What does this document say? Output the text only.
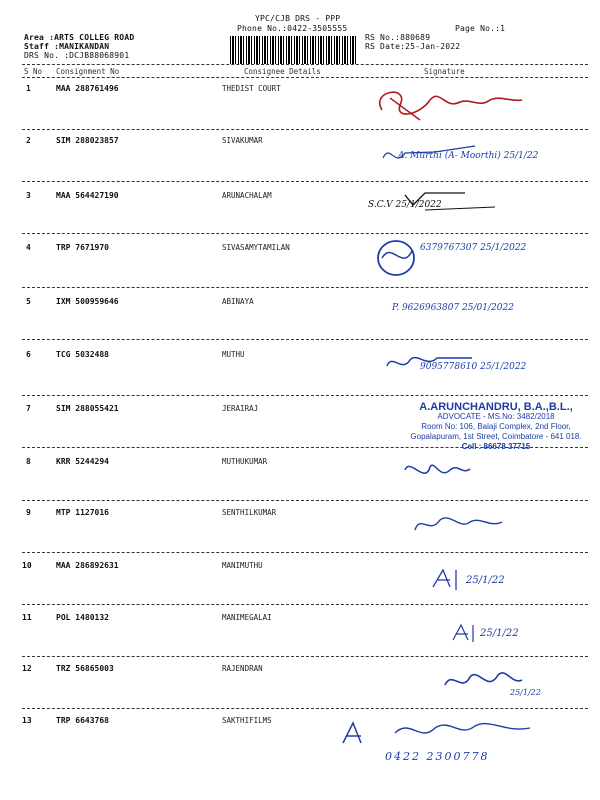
YPC/CJB DRS - PPP
Phone No.:0422-3505555	Page No.:1
Area :ARTS COLLEG ROAD
Staff :MANIKANDAN
DRS No. :DCJB88068901
RS No.:880689
RS Date:25-Jan-2022
S No Consignment No	Consignee Details	Signature
1	MAA 288761496	THEDIST COURT
2	SIM 288023857	SIVAKUMAR
3	MAA 564427190	ARUNACHALAM
4	TRP 7671970	SIVASAMYTAMILAN
5	IXM 500959646	ABINAYA
6	TCG 5032488	MUTHU
7	SIM 288055421	JERAIRAJ
8	KRR 5244294	MUTHUKUMAR
9	MTP 1127016	SENTHILKUMAR
10	MAA 286892631	MANIMUTHU
11	POL 1480132	MANIMEGALAI
12	TRZ 56865003	RAJENDRAN
13	TRP 6643768	SAKTHIFILMS
A. Murthi (A- Moorthi) 25/1/22
S.C.V 25/1/2022
6379767307 25/1/2022
P. 9626963807 25/01/2022
9095778610 25/1/2022
A.ARUNCHANDRU, B.A.,B.L.,
ADVOCATE - MS.No: 3482/2018
Room No: 106, Balaji Complex, 2nd Floor,
Gopalapuram, 1st Street, Coimbatore - 641 018.
Cell : 86678 37715
25/1/22
25/1/22
25/1/22
0422 2300778
